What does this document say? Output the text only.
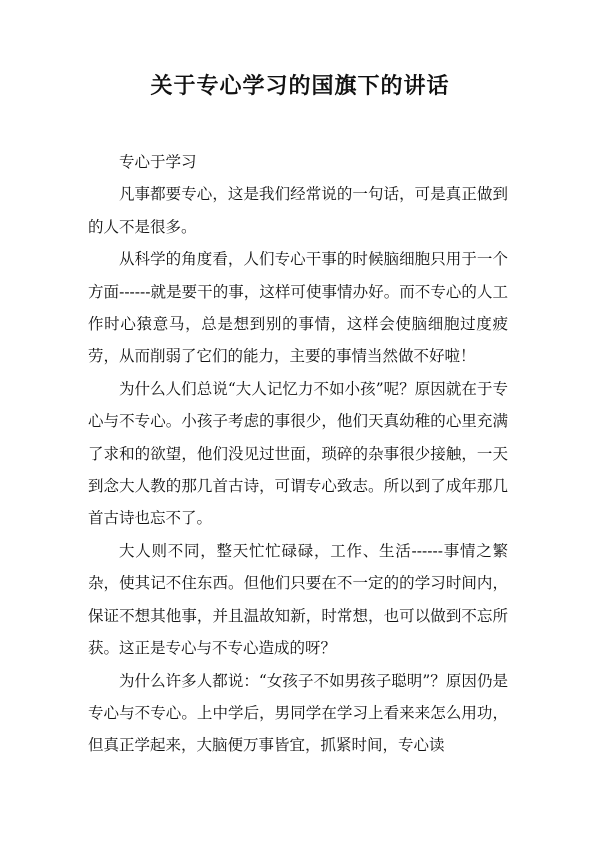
关于专心学习的国旗下的讲话

专心于学习

凡事都要专心，这是我们经常说的一句话，可是真正做到的人不是很多。

从科学的角度看，人们专心干事的时候脑细胞只用于一个方面------就是要干的事，这样可使事情办好。而不专心的人工作时心猿意马，总是想到别的事情，这样会使脑细胞过度疲劳，从而削弱了它们的能力，主要的事情当然做不好啦！

为什么人们总说“大人记忆力不如小孩”呢？原因就在于专心与不专心。小孩子考虑的事很少，他们天真幼稚的心里充满了求和的欲望，他们没见过世面，琐碎的杂事很少接触，一天到念大人教的那几首古诗，可谓专心致志。所以到了成年那几首古诗也忘不了。

大人则不同，整天忙忙碌碌，工作、生活------事情之繁杂，使其记不住东西。但他们只要在不一定的的学习时间内，保证不想其他事，并且温故知新，时常想，也可以做到不忘所获。这正是专心与不专心造成的呀？

为什么许多人都说：“女孩子不如男孩子聪明”？原因仍是专心与不专心。上中学后，男同学在学习上看来来怎么用功，但真正学起来，大脑便万事皆宜，抓紧时间，专心读
